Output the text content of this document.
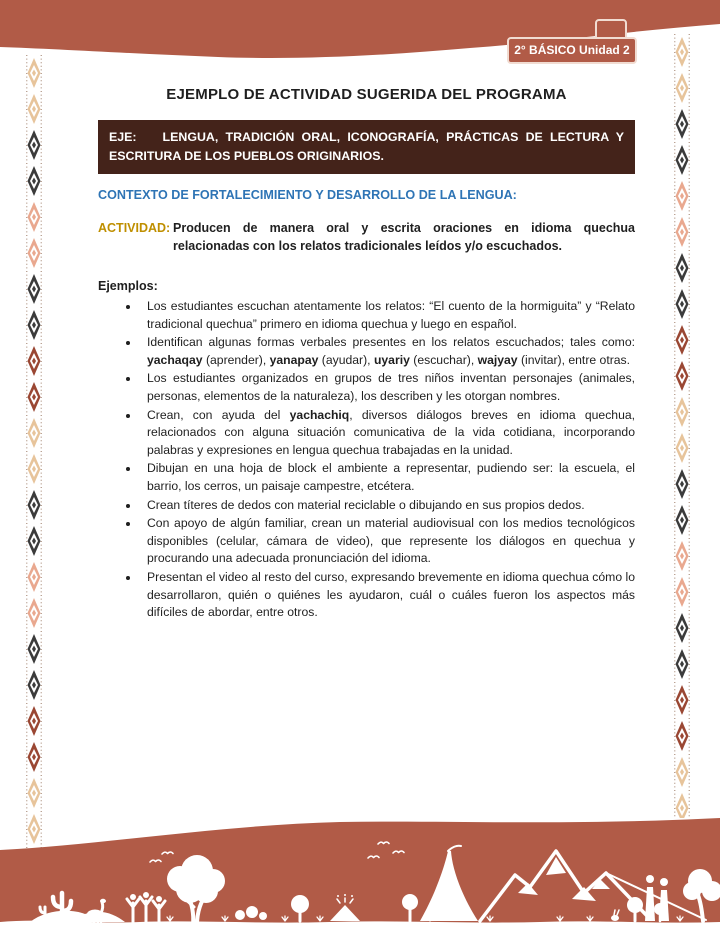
2° BÁSICO Unidad 2
EJEMPLO DE ACTIVIDAD SUGERIDA DEL PROGRAMA
EJE: LENGUA, TRADICIÓN ORAL, ICONOGRAFÍA, PRÁCTICAS DE LECTURA Y ESCRITURA DE LOS PUEBLOS ORIGINARIOS.

CONTEXTO DE FORTALECIMIENTO Y DESARROLLO DE LA LENGUA:

ACTIVIDAD: Producen de manera oral y escrita oraciones en idioma quechua relacionadas con los relatos tradicionales leídos y/o escuchados.

Ejemplos:

• Los estudiantes escuchan atentamente los relatos: “El cuento de la hormiguita” y “Relato tradicional quechua” primero en idioma quechua y luego en español.
• Identifican algunas formas verbales presentes en los relatos escuchados; tales como: yachaqay (aprender), yanapay (ayudar), uyariy (escuchar), wajyay (invitar), entre otras.
• Los estudiantes organizados en grupos de tres niños inventan personajes (animales, personas, elementos de la naturaleza), los describen y les otorgan nombres.
• Crean, con ayuda del yachachiq, diversos diálogos breves en idioma quechua, relacionados con alguna situación comunicativa de la vida cotidiana, incorporando palabras y expresiones en lengua quechua trabajadas en la unidad.
• Dibujan en una hoja de block el ambiente a representar, pudiendo ser: la escuela, el barrio, los cerros, un paisaje campestre, etcétera.
• Crean títeres de dedos con material reciclable o dibujando en sus propios dedos.
• Con apoyo de algún familiar, crean un material audiovisual con los medios tecnológicos disponibles (celular, cámara de video), que represente los diálogos en quechua y procurando una adecuada pronunciación del idioma.
• Presentan el video al resto del curso, expresando brevemente en idioma quechua cómo lo desarrollaron, quién o quiénes les ayudaron, cuál o cuáles fueron los aspectos más difíciles de abordar, entre otros.
